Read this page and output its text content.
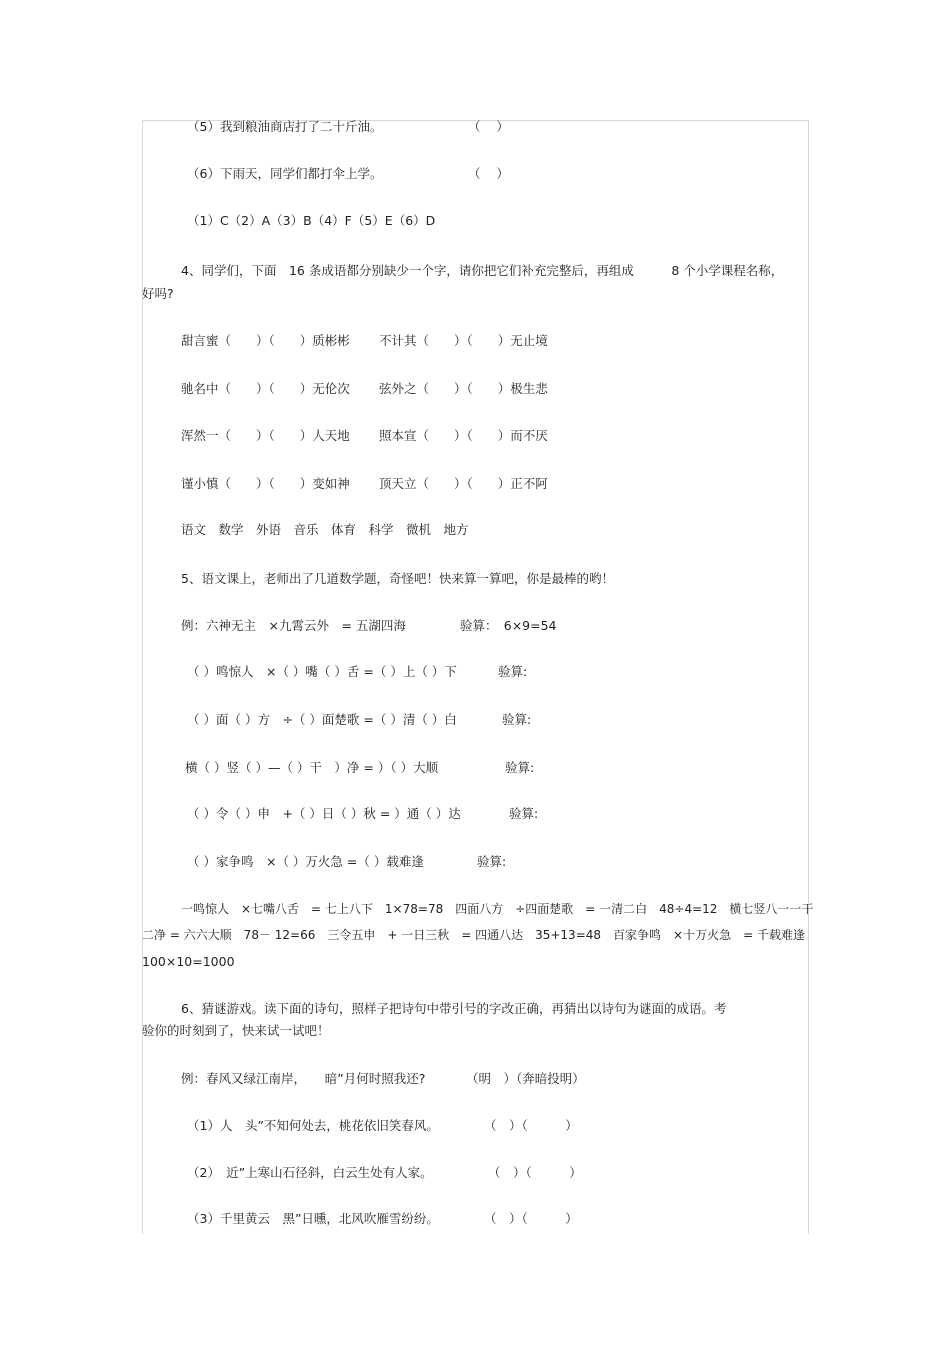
（5）我到粮油商店打了二十斤油。	（    ）
（6）下雨天，同学们都打伞上学。	（    ）
（1）C（2）A（3）B（4）F（5）E（6）D
4、同学们，下面　16 条成语都分别缺少一个字，请你把它们补充完整后，再组成　　　8 个小学课程名称，
好吗?
甜言蜜（　　）（　　）质彬彬 不计其（　　）（　　）无止境
驰名中（　　）（　　）无伦次 弦外之（　　）（　　）极生悲
浑然一（　　）（　　）人天地 照本宣（　　）（　　）而不厌
谨小慎（　　）（　　）变如神 顶天立（　　）（　　）正不阿
语文　数学　外语　音乐　体育　科学　微机　地方
5、语文课上，老师出了几道数学题，奇怪吧！快来算一算吧，你是最棒的哟！
例：六神无主　×九霄云外　= 五湖四海	验算：　6×9=54
（ ）鸣惊人　×（ ）嘴（ ）舌 =（ ）上（ ）下	验算:
（ ）面（ ）方　÷（ ）面楚歌 =（ ）清（ ）白	验算:
横（ ）竖（ ）—（ ）干　）净 = ）（ ）大顺	验算:
（ ）令（ ）申　+（ ）日（ ）秋 = ）通（ ）达	验算:
（ ）家争鸣　×（ ）万火急 =（ ）载难逢	验算:
一鸣惊人　×七嘴八舌　= 七上八下　1×78=78　四面八方　÷四面楚歌　= 一清二白　48÷4=12　横七竖八一一干
二净 = 六六大顺　78－ 12=66　三令五申　+ 一日三秋　= 四通八达　35+13=48　百家争鸣　×十万火急　= 千载难逢
100×10=1000
6、猜谜游戏。读下面的诗句，照样子把诗句中带引号的字改正确，再猜出以诗句为谜面的成语。考
验你的时刻到了，快来试一试吧！
例：春风又绿江南岸，　　暗”月何时照我还?	（明　）（奔暗投明）
（1）人　头”不知何处去，桃花依旧笑春风。	（　）（　　　）
（2）　近”上寒山石径斜，白云生处有人家。	（　）（　　　）
（3）千里黄云　黑”日曛，北风吹雁雪纷纷。	（　）（　　　）
